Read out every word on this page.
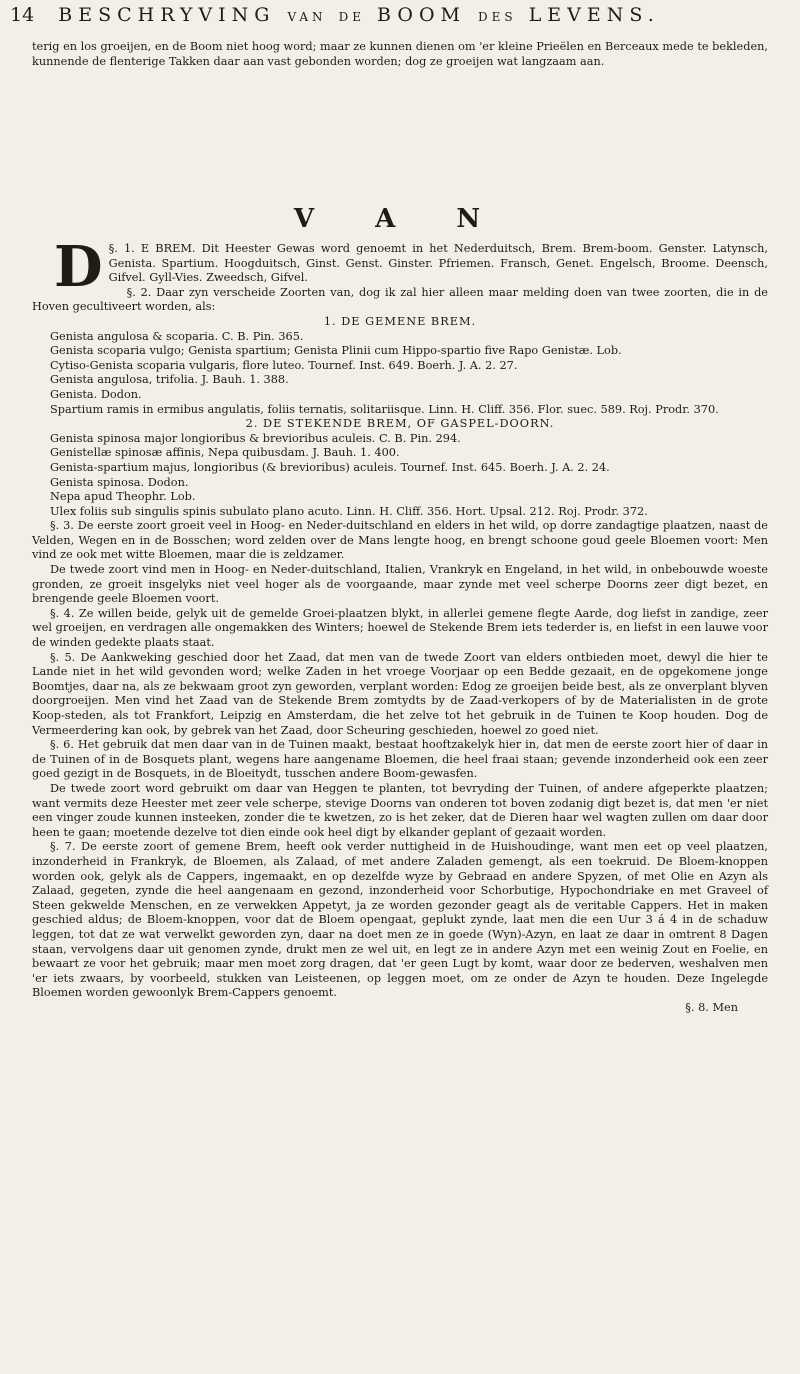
14 BESCHRYVING VAN DE BOOM DES LEVENS.

terig en los groeijen, en de Boom niet hoog word; maar ze kunnen dienen om 'er kleine Prieëlen en Berceaux mede te bekleden, kunnende de flenterige Takken daar aan vast gebonden worden; dog ze groeijen wat langzaam aan.

V A N

§. 1.
D	E BREM. Dit Heester Gewas word genoemt in het Nederduitsch, Brem. Brem-boom. Genster. Latynsch, Genista. Spartium. Hoogduitsch, Ginst. Genst. Ginster. Pfriemen. Fransch, Genet. Engelsch, Broome. Deensch, Gifvel. Gyll-Vies. Zweedsch, Gifvel.

§. 2. Daar zyn verscheide Zoorten van, dog ik zal hier alleen maar melding doen van twee zoorten, die in de Hoven gecultiveert worden, als:

1. DE GEMENE BREM.

Genista angulosa & scoparia. C. B. Pin. 365.

Genista scoparia vulgo; Genista spartium; Genista Plinii cum Hippo-spartio five Rapo Genistæ. Lob.

Cytiso-Genista scoparia vulgaris, flore luteo. Tournef. Inst. 649. Boerh. J. A. 2. 27.

Genista angulosa, trifolia. J. Bauh. 1. 388.

Genista. Dodon.

Spartium ramis in ermibus angulatis, foliis ternatis, solitariisque. Linn. H. Cliff. 356. Flor. suec. 589. Roj. Prodr. 370.

2. DE STEKENDE BREM, OF GASPEL-DOORN.

Genista spinosa major longioribus & brevioribus aculeis. C. B. Pin. 294.

Genistellæ spinosæ affinis, Nepa quibusdam. J. Bauh. 1. 400.

Genista-spartium majus, longioribus (& brevioribus) aculeis. Tournef. Inst. 645. Boerh. J. A. 2. 24.

Genista spinosa. Dodon.

Nepa apud Theophr. Lob.

Ulex foliis sub singulis spinis subulato plano acuto. Linn. H. Cliff. 356. Hort. Upsal. 212. Roj. Prodr. 372.

§. 3. De eerste zoort groeit veel in Hoog- en Neder-duitschland en elders in het wild, op dorre zandagtige plaatzen, naast de Velden, Wegen en in de Bosschen; word zelden over de Mans lengte hoog, en brengt schoone goud geele Bloemen voort: Men vind ze ook met witte Bloemen, maar die is zeldzamer.

De twede zoort vind men in Hoog- en Neder-duitschland, Italien, Vrankryk en Engeland, in het wild, in onbebouwde woeste gronden, ze groeit insgelyks niet veel hoger als de voorgaande, maar zynde met veel scherpe Doorns zeer digt bezet, en brengende geele Bloemen voort.

§. 4. Ze willen beide, gelyk uit de gemelde Groei-plaatzen blykt, in allerlei gemene flegte Aarde, dog liefst in zandige, zeer wel groeijen, en verdragen alle ongemakken des Winters; hoewel de Stekende Brem iets tederder is, en liefst in een lauwe voor de winden gedekte plaats staat.

§. 5. De Aankweking geschied door het Zaad, dat men van de twede Zoort van elders ontbieden moet, dewyl die hier te Lande niet in het wild gevonden word; welke Zaden in het vroege Voorjaar op een Bedde gezaait, en de opgekomene jonge Boomtjes, daar na, als ze bekwaam groot zyn geworden, verplant worden: Edog ze groeijen beide best, als ze onverplant blyven doorgroeijen. Men vind het Zaad van de Stekende Brem zomtydts by de Zaad-verkopers of by de Materialisten in de grote Koop-steden, als tot Frankfort, Leipzig en Amsterdam, die het zelve tot het gebruik in de Tuinen te Koop houden. Dog de Vermeerdering kan ook, by gebrek van het Zaad, door Scheuring geschieden, hoewel zo goed niet.

§. 6. Het gebruik dat men daar van in de Tuinen maakt, bestaat hooftzakelyk hier in, dat men de eerste zoort hier of daar in de Tuinen of in de Bosquets plant, wegens hare aangename Bloemen, die heel fraai staan; gevende inzonderheid ook een zeer goed gezigt in de Bosquets, in de Bloeitydt, tusschen andere Boom-gewasfen.

De twede zoort word gebruikt om daar van Heggen te planten, tot bevryding der Tuinen, of andere afgeperkte plaatzen; want vermits deze Heester met zeer vele scherpe, stevige Doorns van onderen tot boven zodanig digt bezet is, dat men 'er niet een vinger zoude kunnen insteeken, zonder die te kwetzen, zo is het zeker, dat de Dieren haar wel wagten zullen om daar door heen te gaan; moetende dezelve tot dien einde ook heel digt by elkander geplant of gezaait worden.

§. 7. De eerste zoort of gemene Brem, heeft ook verder nuttigheid in de Huishoudinge, want men eet op veel plaatzen, inzonderheid in Frankryk, de Bloemen, als Zalaad, of met andere Zaladen gemengt, als een toekruid. De Bloem-knoppen worden ook, gelyk als de Cappers, ingemaakt, en op dezelfde wyze by Gebraad en andere Spyzen, of met Olie en Azyn als Zalaad, gegeten, zynde die heel aangenaam en gezond, inzonderheid voor Schorbutige, Hypochondriake en met Graveel of Steen gekwelde Menschen, en ze verwekken Appetyt, ja ze worden gezonder geagt als de veritable Cappers. Het in maken geschied aldus; de Bloem-knoppen, voor dat de Bloem opengaat, geplukt zynde, laat men die een Uur 3 á 4 in de schaduw leggen, tot dat ze wat verwelkt geworden zyn, daar na doet men ze in goede (Wyn)-Azyn, en laat ze daar in omtrent 8 Dagen staan, vervolgens daar uit genomen zynde, drukt men ze wel uit, en legt ze in andere Azyn met een weinig Zout en Foelie, en bewaart ze voor het gebruik; maar men moet zorg dragen, dat 'er geen Lugt by komt, waar door ze bederven, weshalven men 'er iets zwaars, by voorbeeld, stukken van Leisteenen, op leggen moet, om ze onder de Azyn te houden. Deze Ingelegde Bloemen worden gewoonlyk Brem-Cappers genoemt.

§. 8. Men
